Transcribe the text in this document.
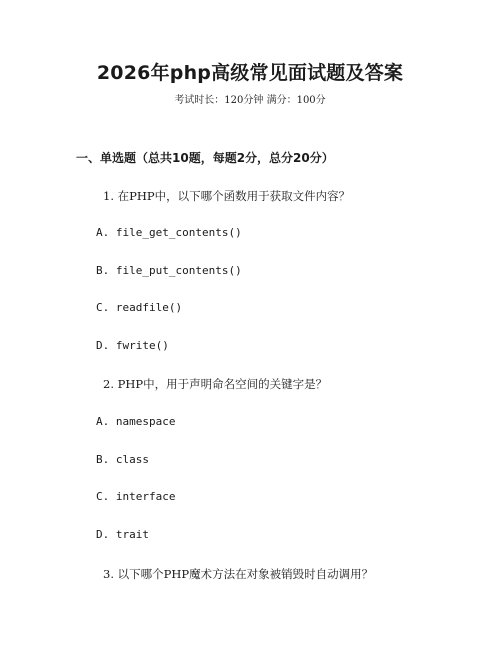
2026年php高级常见面试题及答案
考试时长：120分钟 满分：100分
一、单选题（总共10题，每题2分，总分20分）
1. 在PHP中，以下哪个函数用于获取文件内容？
A. file_get_contents()
B. file_put_contents()
C. readfile()
D. fwrite()
2. PHP中，用于声明命名空间的关键字是？
A. namespace
B. class
C. interface
D. trait
3. 以下哪个PHP魔术方法在对象被销毁时自动调用？
